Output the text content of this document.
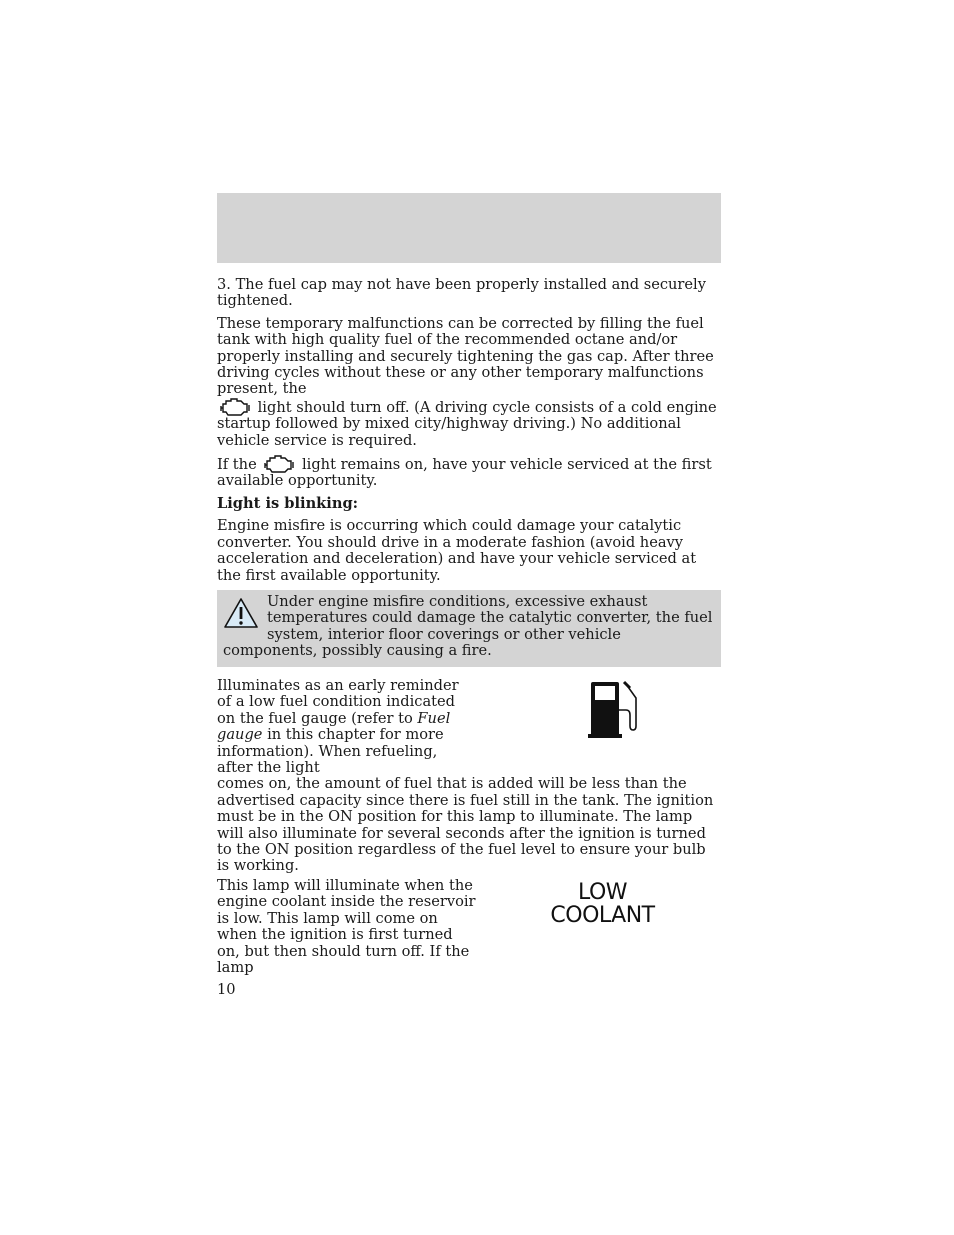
3. The fuel cap may not have been properly installed and securely tightened.

These temporary malfunctions can be corrected by filling the fuel tank with high quality fuel of the recommended octane and/or properly installing and securely tightening the gas cap. After three driving cycles without these or any other temporary malfunctions present, the
light should turn off. (A driving cycle consists of a cold engine startup followed by mixed city/highway driving.) No additional vehicle service is required.

If the	light remains on, have your vehicle serviced at the first available opportunity.

Light is blinking:

Engine misfire is occurring which could damage your catalytic converter. You should drive in a moderate fashion (avoid heavy acceleration and deceleration) and have your vehicle serviced at the first available opportunity.

Under engine misfire conditions, excessive exhaust temperatures could damage the catalytic converter, the fuel system, interior floor coverings or other vehicle components, possibly causing a fire.
Illuminates as an early reminder of a low fuel condition indicated on the fuel gauge (refer to Fuel gauge in this chapter for more information). When refueling, after the light
comes on, the amount of fuel that is added will be less than the advertised capacity since there is fuel still in the tank. The ignition must be in the ON position for this lamp to illuminate. The lamp will also illuminate for several seconds after the ignition is turned to the ON position regardless of the fuel level to ensure your bulb is working.
This lamp will illuminate when the engine coolant inside the reservoir is low. This lamp will come on when the ignition is first turned on, but then should turn off. If the lamp
LOW
COOLANT
10
